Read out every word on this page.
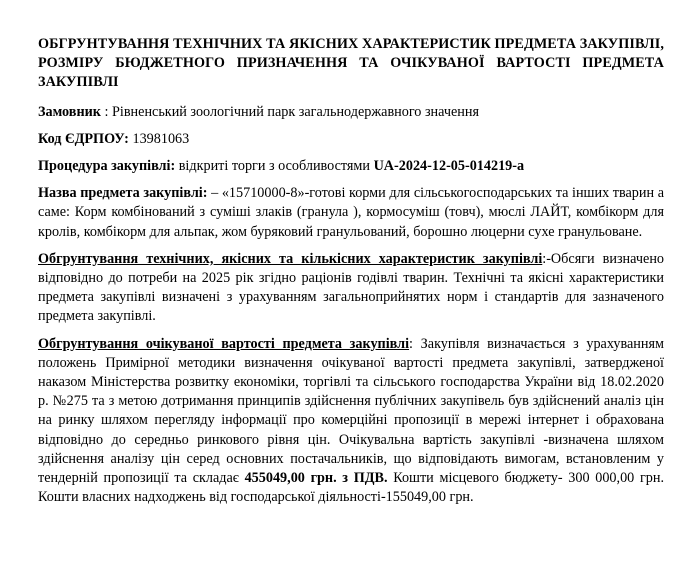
ОБГРУНТУВАННЯ ТЕХНІЧНИХ ТА ЯКІСНИХ ХАРАКТЕРИСТИК ПРЕДМЕТА ЗАКУПІВЛІ, РОЗМІРУ БЮДЖЕТНОГО ПРИЗНАЧЕННЯ ТА ОЧІКУВАНОЇ ВАРТОСТІ ПРЕДМЕТА ЗАКУПІВЛІ

Замовник : Рівненський зоологічний парк загальнодержавного значення

Код ЄДРПОУ: 13981063

Процедура закупівлі: відкриті торги з особливостями UA-2024-12-05-014219-a

Назва предмета закупівлі: – «15710000-8»-готові корми для сільськогосподарських та інших тварин а саме: Корм комбінований з суміші злаків (гранула ), кормосуміш (товч), мюслі ЛАЙТ, комбікорм для кролів, комбікорм для альпак, жом буряковий гранульований, борошно люцерни сухе гранульоване.

Обгрунтування технічних, якісних та кількісних характеристик закупівлі:-Обсяги визначено відповідно до потреби на 2025 рік згідно раціонів годівлі тварин. Технічні та якісні характеристики предмета закупівлі визначені з урахуванням загальноприйнятих норм і стандартів для зазначеного предмета закупівлі.

Обгрунтування очікуваної вартості предмета закупівлі: Закупівля визначається з урахуванням положень Примірної методики визначення очікуваної вартості предмета закупівлі, затвердженої наказом Міністерства розвитку економіки, торгівлі та сільського господарства України від 18.02.2020 р. №275 та з метою дотримання принципів здійснення публічних закупівель був здійснений аналіз цін на ринку шляхом перегляду інформації про комерційні пропозиції в мережі інтернет і обрахована відповідно до середньо ринкового рівня цін. Очікувальна вартість закупівлі -визначена шляхом здійснення аналізу цін серед основних постачальників, що відповідають вимогам, встановленим у тендерній пропозиції та складає 455049,00 грн. з ПДВ. Кошти місцевого бюджету- 300 000,00 грн. Кошти власних надходжень від господарської діяльності-155049,00 грн.
